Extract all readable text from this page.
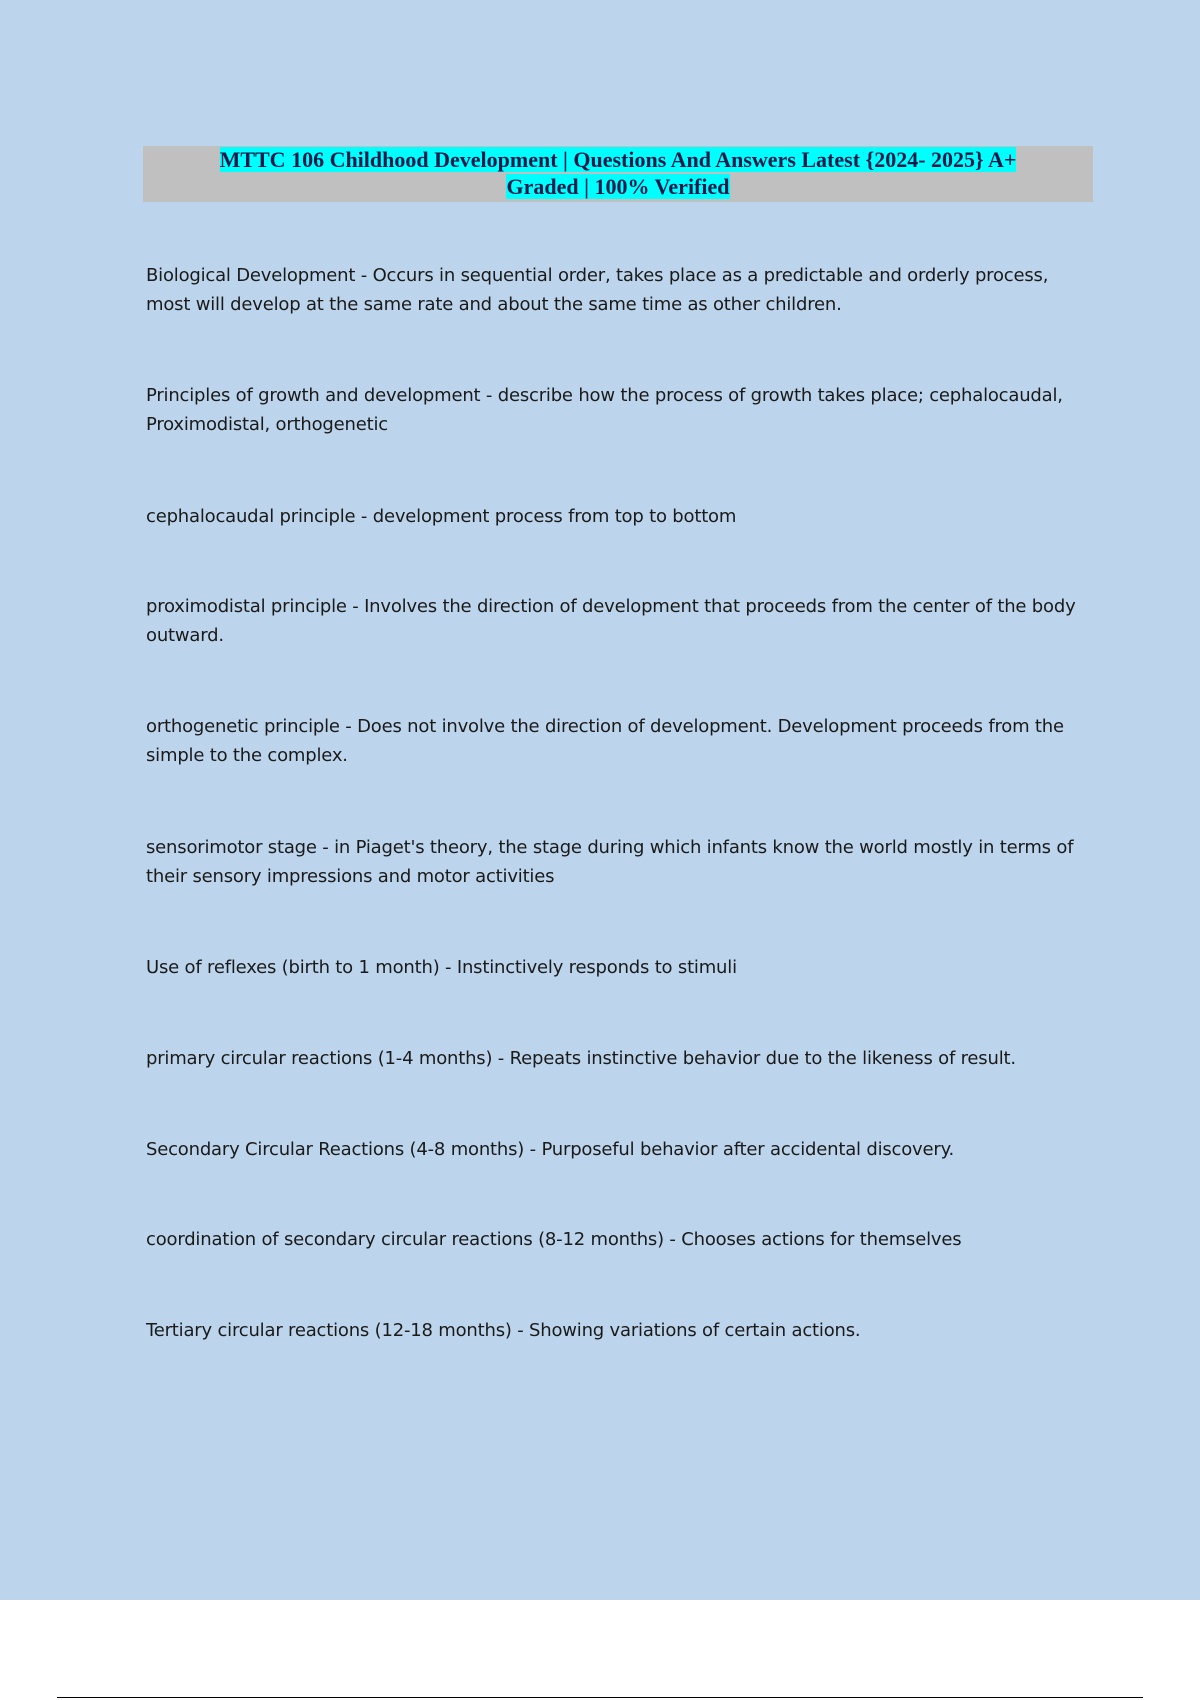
MTTC 106 Childhood Development | Questions And Answers Latest {2024- 2025} A+
Graded | 100% Verified
Biological Development - Occurs in sequential order, takes place as a predictable and orderly process, most will develop at the same rate and about the same time as other children.
Principles of growth and development - describe how the process of growth takes place; cephalocaudal, Proximodistal, orthogenetic
cephalocaudal principle - development process from top to bottom
proximodistal principle - Involves the direction of development that proceeds from the center of the body outward.
orthogenetic principle - Does not involve the direction of development. Development proceeds from the simple to the complex.
sensorimotor stage - in Piaget's theory, the stage during which infants know the world mostly in terms of their sensory impressions and motor activities
Use of reflexes (birth to 1 month) - Instinctively responds to stimuli
primary circular reactions (1-4 months) - Repeats instinctive behavior due to the likeness of result.
Secondary Circular Reactions (4-8 months) - Purposeful behavior after accidental discovery.
coordination of secondary circular reactions (8-12 months) - Chooses actions for themselves
Tertiary circular reactions (12-18 months) - Showing variations of certain actions.
